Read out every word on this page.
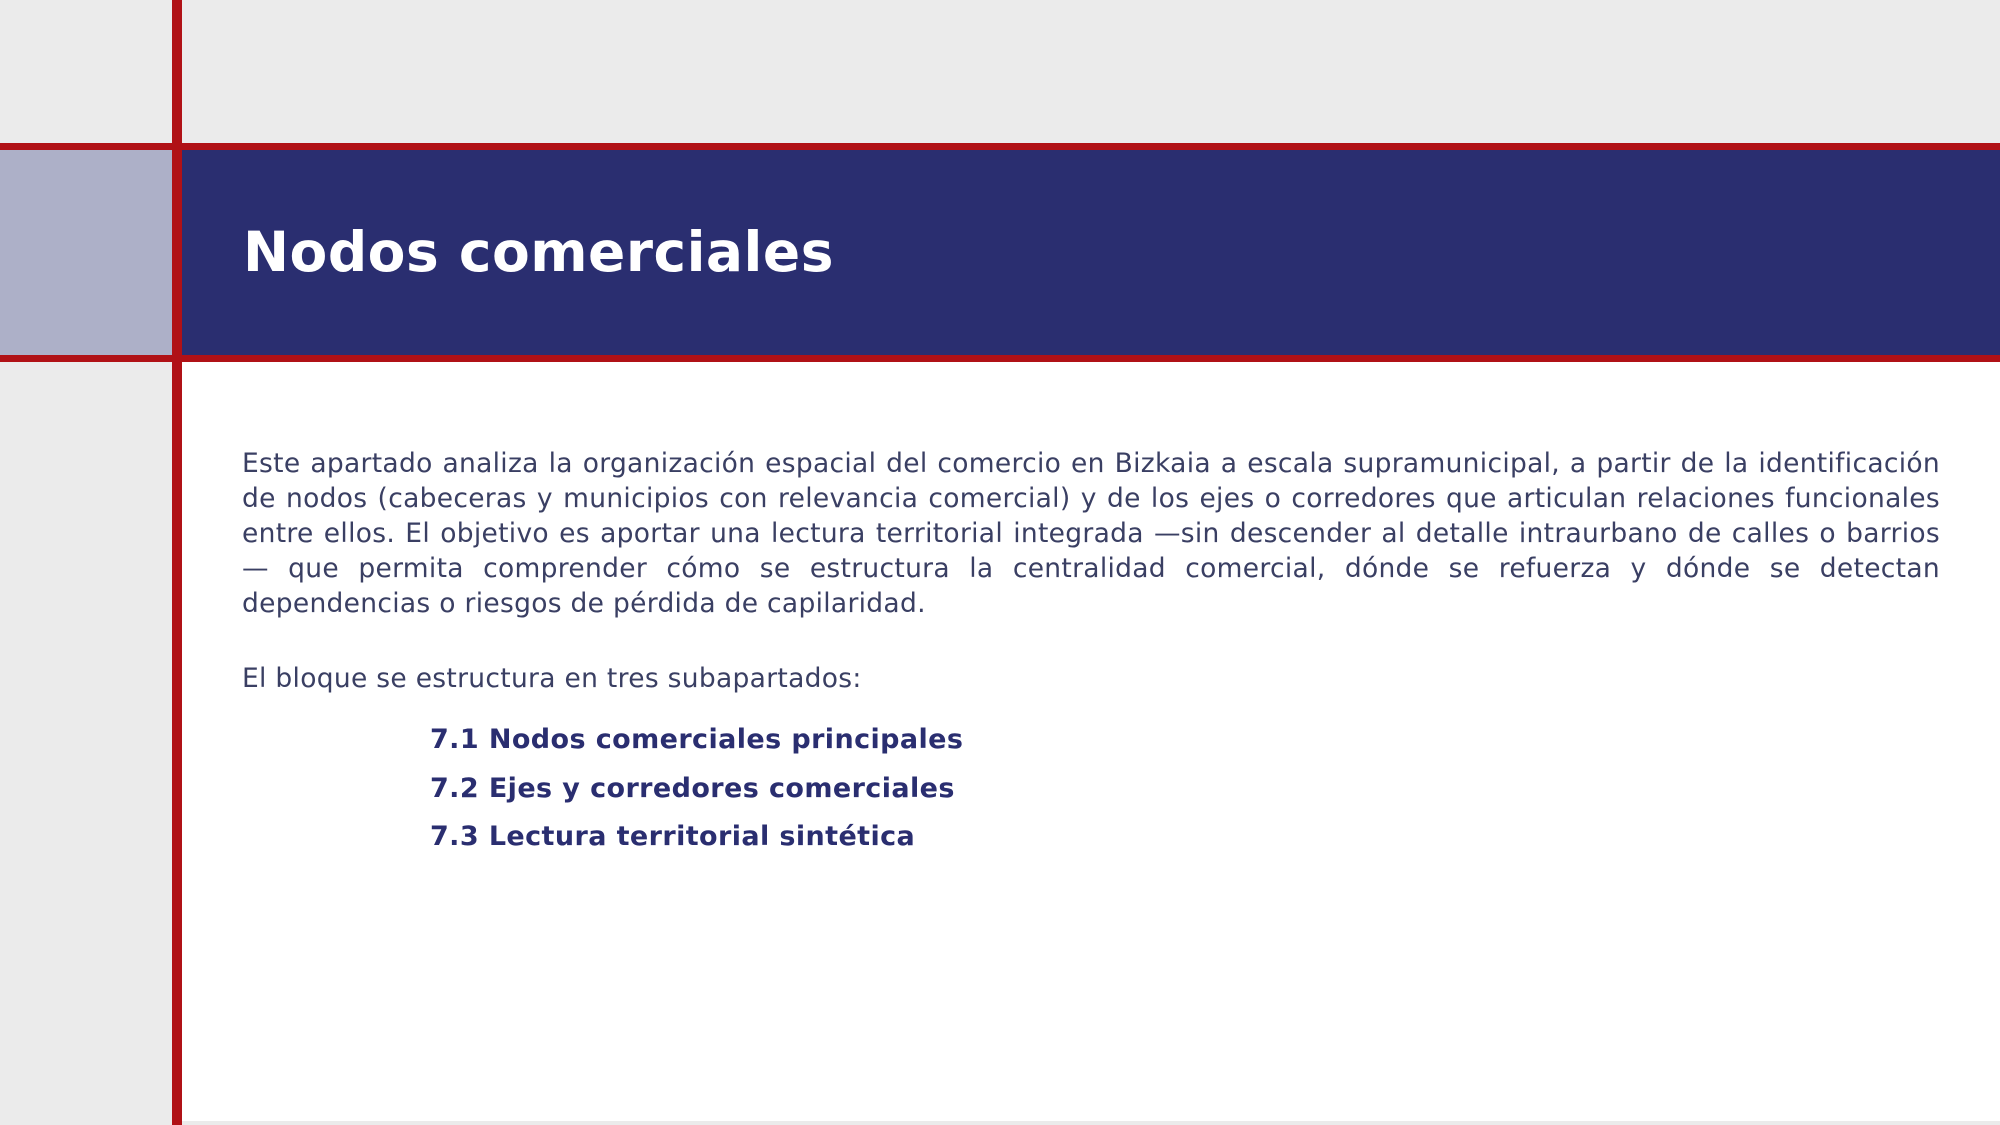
Nodos comerciales

Este apartado analiza la organización espacial del comercio en Bizkaia a escala supramunicipal, a partir de la identificación de nodos (cabeceras y municipios con relevancia comercial) y de los ejes o corredores que articulan relaciones funcionales entre ellos. El objetivo es aportar una lectura territorial integrada —sin descender al detalle intraurbano de calles o barrios— que permita comprender cómo se estructura la centralidad comercial, dónde se refuerza y dónde se detectan dependencias o riesgos de pérdida de capilaridad.

El bloque se estructura en tres subapartados:

7.1 Nodos comerciales principales
7.2 Ejes y corredores comerciales
7.3 Lectura territorial sintética
